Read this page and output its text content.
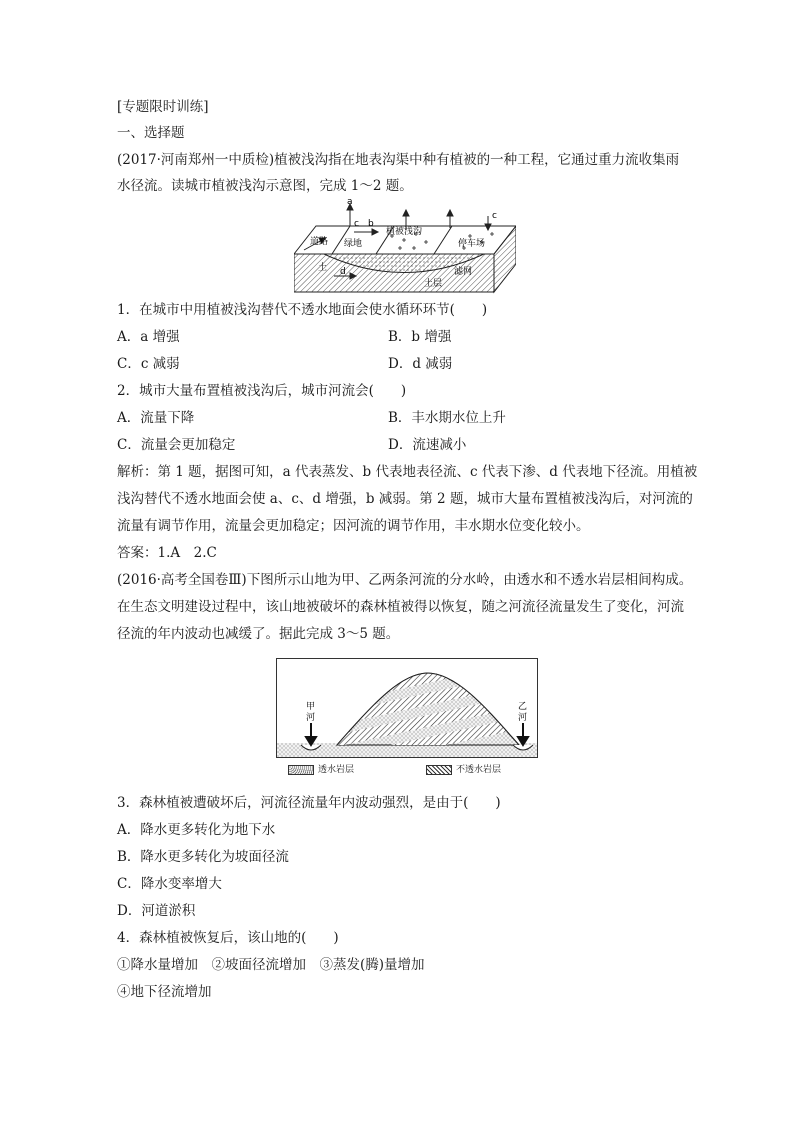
[专题限时训练]
一、选择题
(2017·河南郑州一中质检)植被浅沟指在地表沟渠中种有植被的一种工程，它通过重力流收集雨
水径流。读城市植被浅沟示意图，完成 1～2 题。
a
c b
c
d
道路 绿地
植被浅沟
停车场
土	滤网
土层
1．在城市中用植被浅沟替代不透水地面会使水循环环节(　　)
A．a 增强	B．b 增强
C．c 减弱	D．d 减弱
2．城市大量布置植被浅沟后，城市河流会(　　)
A．流量下降	B．丰水期水位上升
C．流量会更加稳定	D．流速减小
解析：第 1 题，据图可知，a 代表蒸发、b 代表地表径流、c 代表下渗、d 代表地下径流。用植被
浅沟替代不透水地面会使 a、c、d 增强，b 减弱。第 2 题，城市大量布置植被浅沟后，对河流的
流量有调节作用，流量会更加稳定；因河流的调节作用，丰水期水位变化较小。
答案：1.A　2.C
(2016·高考全国卷Ⅲ)下图所示山地为甲、乙两条河流的分水岭，由透水和不透水岩层相间构成。
在生态文明建设过程中，该山地被破坏的森林植被得以恢复，随之河流径流量发生了变化，河流
径流的年内波动也减缓了。据此完成 3～5 题。
甲
河
乙
河
透水岩层	不透水岩层
3．森林植被遭破坏后，河流径流量年内波动强烈，是由于(　　)
A．降水更多转化为地下水
B．降水更多转化为坡面径流
C．降水变率增大
D．河道淤积
4．森林植被恢复后，该山地的(　　)
①降水量增加　②坡面径流增加　③蒸发(腾)量增加
④地下径流增加
